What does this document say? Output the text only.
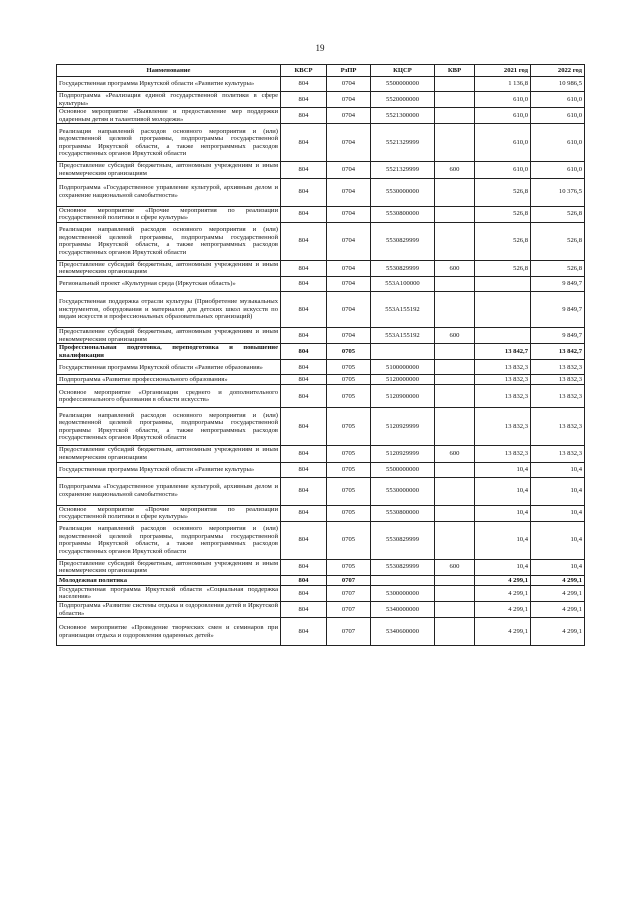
19
Наименование	КВСР	РзПР	КЦСР	КВР	2021 год	2022 год
Государственная программа Иркутской области «Развитие культуры»	804	0704	5500000000		1 136,8	10 986,5
Подпрограмма «Реализация единой государственной политики в сфере культуры»	804	0704	5520000000		610,0	610,0
Основное мероприятие «Выявление и предоставление мер поддержки одаренным детям и талантливой молодежи»	804	0704	5521300000		610,0	610,0
Реализация направлений расходов основного мероприятия и (или) ведомственной целевой программы, подпрограммы государственной программы Иркутской области, а также непрограммных расходов государственных органов Иркутской области	804	0704	5521329999		610,0	610,0
Предоставление субсидий бюджетным, автономным учреждениям и иным некоммерческим организациям	804	0704	5521329999	600	610,0	610,0
Подпрограмма «Государственное управление культурой, архивным делом и сохранение национальной самобытности»	804	0704	5530000000		526,8	10 376,5
Основное мероприятие «Прочие мероприятия по реализации государственной политики в сфере культуры»	804	0704	5530800000		526,8	526,8
Реализация направлений расходов основного мероприятия и (или) ведомственной целевой программы, подпрограммы государственной программы Иркутской области, а также непрограммных расходов государственных органов Иркутской области	804	0704	5530829999		526,8	526,8
Предоставление субсидий бюджетным, автономным учреждениям и иным некоммерческим организациям	804	0704	5530829999	600	526,8	526,8
Региональный проект «Культурная среда (Иркутская область)»	804	0704	553A100000			9 849,7
Государственная поддержка отрасли культуры (Приобретение музыкальных инструментов, оборудования и материалов для детских школ искусств по видам искусств и профессиональных образовательных организаций)	804	0704	553A155192			9 849,7
Предоставление субсидий бюджетным, автономным учреждениям и иным некоммерческим организациям	804	0704	553A155192	600		9 849,7
Профессиональная подготовка, переподготовка и повышение квалификации	804	0705			13 842,7	13 842,7
Государственная программа Иркутской области «Развитие образования»	804	0705	5100000000		13 832,3	13 832,3
Подпрограмма «Развитие профессионального образования»	804	0705	5120000000		13 832,3	13 832,3
Основное мероприятие «Организация среднего и дополнительного профессионального образования в области искусств»	804	0705	5120900000		13 832,3	13 832,3
Реализация направлений расходов основного мероприятия и (или) ведомственной целевой программы, подпрограммы государственной программы Иркутской области, а также непрограммных расходов государственных органов Иркутской области	804	0705	5120929999		13 832,3	13 832,3
Предоставление субсидий бюджетным, автономным учреждениям и иным некоммерческим организациям	804	0705	5120929999	600	13 832,3	13 832,3
Государственная программа Иркутской области «Развитие культуры»	804	0705	5500000000		10,4	10,4
Подпрограмма «Государственное управление культурой, архивным делом и сохранение национальной самобытности»	804	0705	5530000000		10,4	10,4
Основное мероприятие «Прочие мероприятия по реализации государственной политики в сфере культуры»	804	0705	5530800000		10,4	10,4
Реализация направлений расходов основного мероприятия и (или) ведомственной целевой программы, подпрограммы государственной программы Иркутской области, а также непрограммных расходов государственных органов Иркутской области	804	0705	5530829999		10,4	10,4
Предоставление субсидий бюджетным, автономным учреждениям и иным некоммерческим организациям	804	0705	5530829999	600	10,4	10,4
Молодежная политика	804	0707			4 299,1	4 299,1
Государственная программа Иркутской области «Социальная поддержка населения»	804	0707	5300000000		4 299,1	4 299,1
Подпрограмма «Развитие системы отдыха и оздоровления детей в Иркутской области»	804	0707	5340000000		4 299,1	4 299,1
Основное мероприятие «Проведение творческих смен и семинаров при организации отдыха и оздоровления одаренных детей»	804	0707	5340600000		4 299,1	4 299,1
